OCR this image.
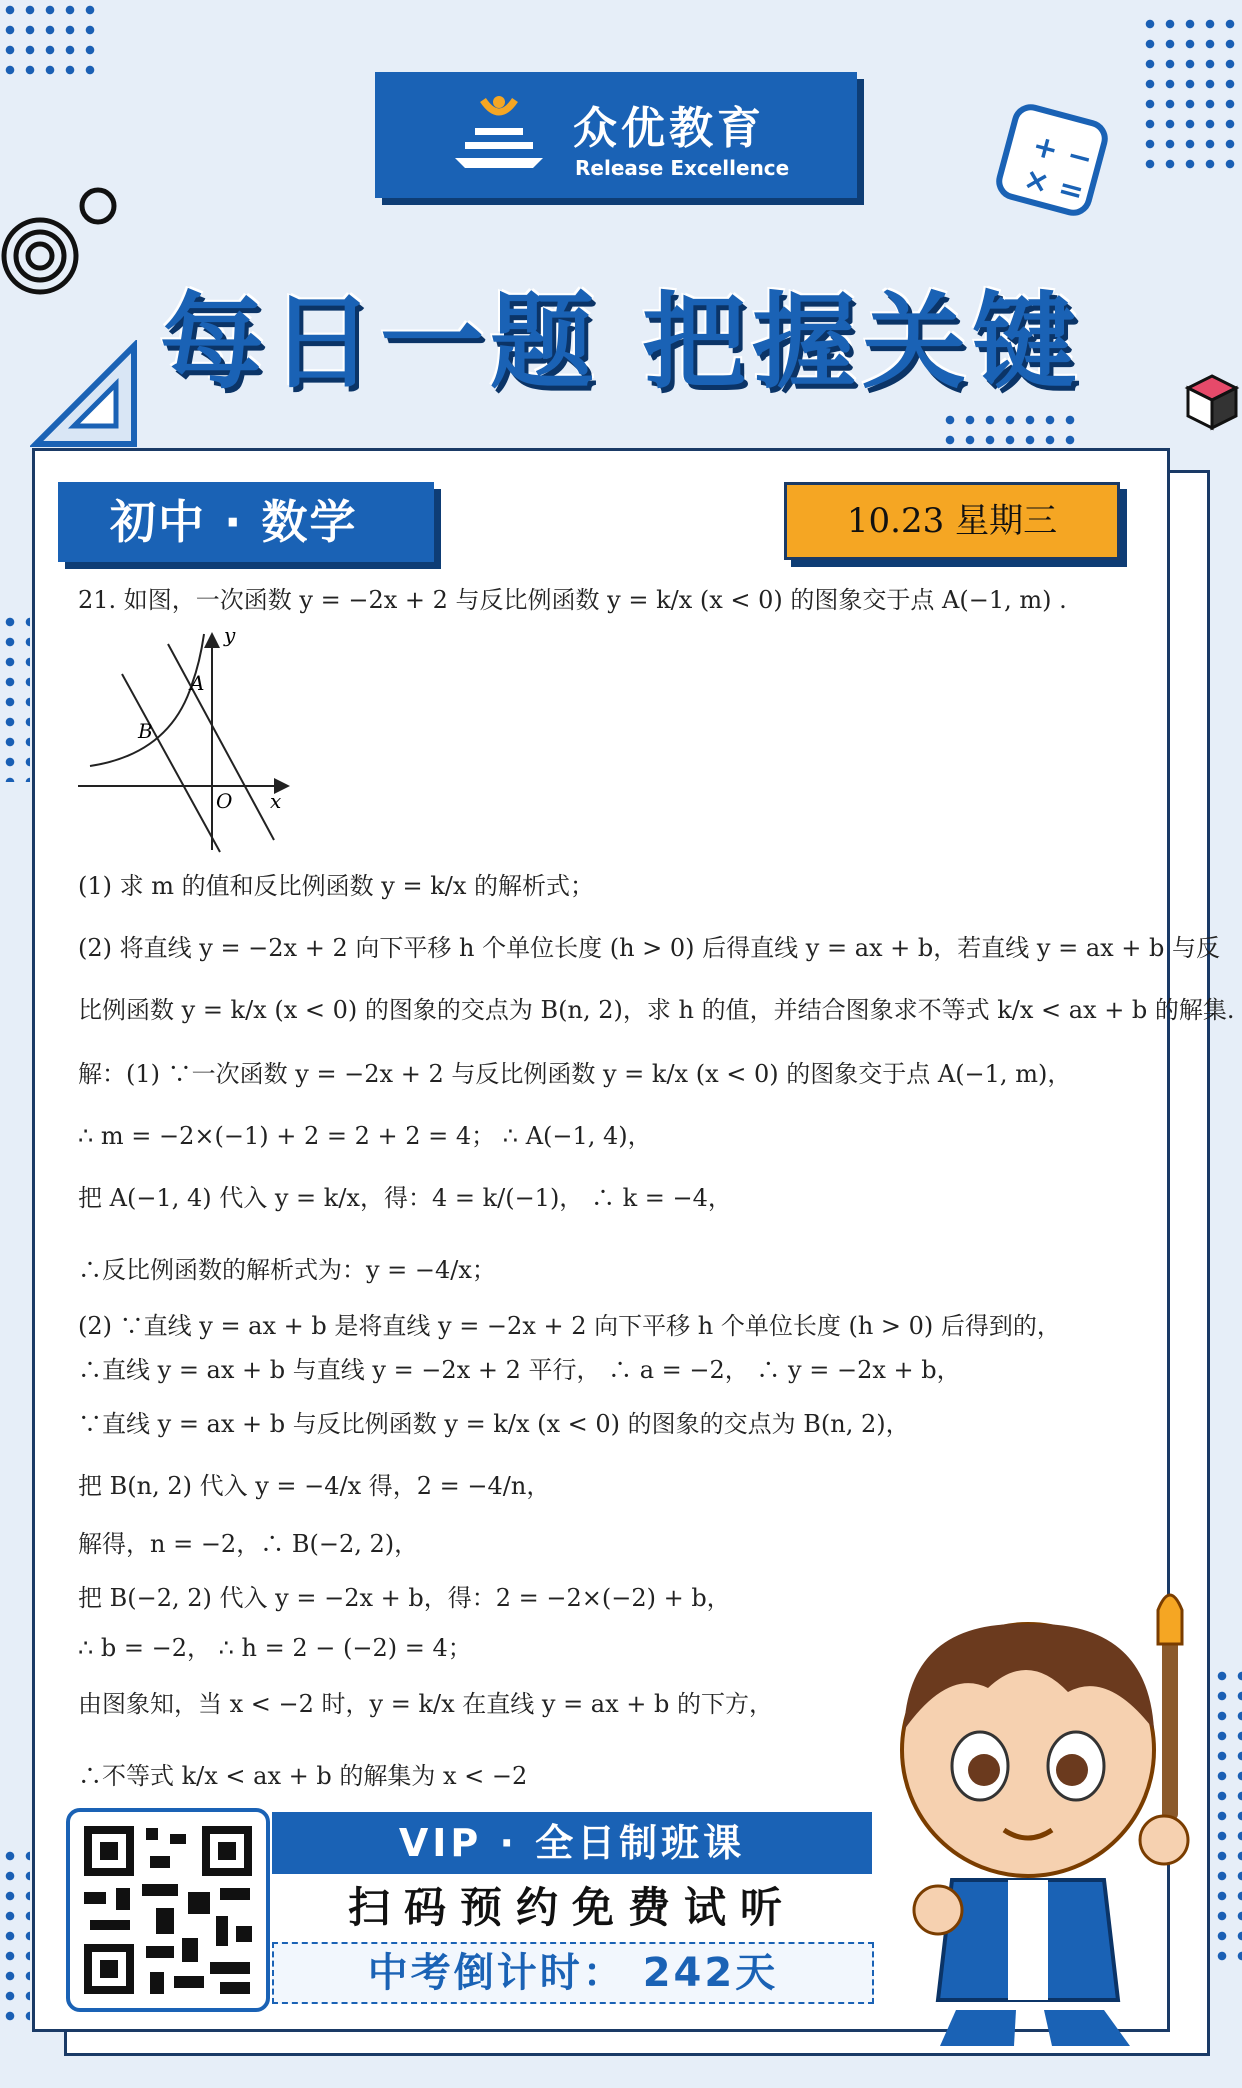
+ −
× =
众优教育
Release Excellence
每日一题 把握关键
初中 · 数学	10.23 星期三
21. 如图，一次函数 y = −2x + 2 与反比例函数 y = k/x (x < 0) 的图象交于点 A(−1, m) .
y
A
B
O x
(1) 求 m 的值和反比例函数 y = k/x 的解析式；
(2) 将直线 y = −2x + 2 向下平移 h 个单位长度 (h > 0) 后得直线 y = ax + b，若直线 y = ax + b 与反
比例函数 y = k/x (x < 0) 的图象的交点为 B(n, 2)，求 h 的值，并结合图象求不等式 k/x < ax + b 的解集.
解：(1) ∵一次函数 y = −2x + 2 与反比例函数 y = k/x (x < 0) 的图象交于点 A(−1, m)，
∴ m = −2×(−1) + 2 = 2 + 2 = 4； ∴ A(−1, 4)，
把 A(−1, 4) 代入 y = k/x，得：4 = k/(−1)， ∴ k = −4，
∴反比例函数的解析式为：y = −4/x；
(2) ∵直线 y = ax + b 是将直线 y = −2x + 2 向下平移 h 个单位长度 (h > 0) 后得到的，
∴直线 y = ax + b 与直线 y = −2x + 2 平行， ∴ a = −2， ∴ y = −2x + b，
∵直线 y = ax + b 与反比例函数 y = k/x (x < 0) 的图象的交点为 B(n, 2)，
把 B(n, 2) 代入 y = −4/x 得，2 = −4/n，
解得，n = −2，∴ B(−2, 2)，
把 B(−2, 2) 代入 y = −2x + b，得：2 = −2×(−2) + b，
∴ b = −2， ∴ h = 2 − (−2) = 4；
由图象知，当 x < −2 时，y = k/x 在直线 y = ax + b 的下方，
∴不等式 k/x < ax + b 的解集为 x < −2
VIP · 全日制班课
扫码预约免费试听
中考倒计时： 242天
